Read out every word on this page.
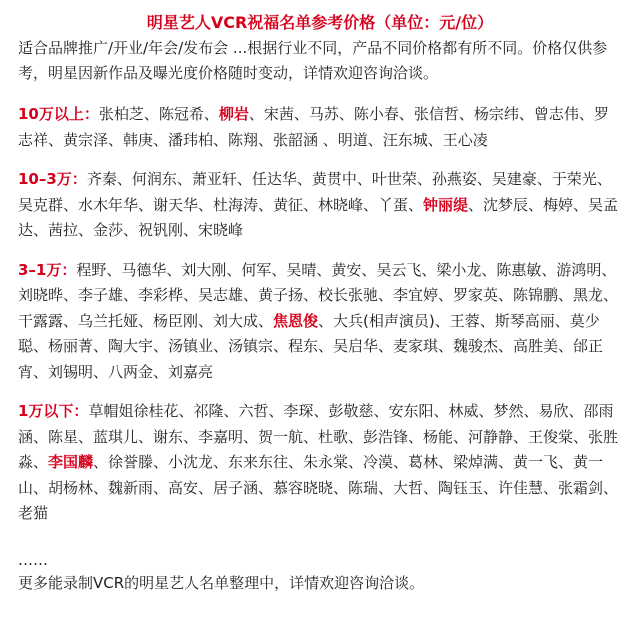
明星艺人VCR祝福名单参考价格（单位：元/位）

适合品牌推广/开业/年会/发布会 ...根据行业不同，产品不同价格都有所不同。价格仅供参考，明星因新作品及曝光度价格随时变动，详情欢迎咨询洽谈。

10万以上：张柏芝、陈冠希、柳岩、宋茜、马苏、陈小春、张信哲、杨宗纬、曾志伟、罗志祥、黄宗泽、韩庚、潘玮柏、陈翔、张韶涵 、明道、汪东城、王心凌

10–3万：齐秦、何润东、萧亚轩、任达华、黄贯中、叶世荣、孙燕姿、吴建豪、于荣光、吴克群、水木年华、谢天华、杜海涛、黄征、林晓峰、丫蛋、钟丽缇、沈梦辰、梅婷、吴孟达、茜拉、金莎、祝钒刚、宋晓峰

3–1万：程野、马德华、刘大刚、何军、吴晴、黄安、吴云飞、梁小龙、陈惠敏、游鸿明、刘晓晔、李子雄、李彩桦、吴志雄、黄子扬、校长张驰、李宜婷、罗家英、陈锦鹏、黑龙、干露露、乌兰托娅、杨臣刚、刘大成、焦恩俊、大兵(相声演员)、王蓉、斯琴高丽、莫少聪、杨丽菁、陶大宇、汤镇业、汤镇宗、程东、吴启华、麦家琪、魏骏杰、高胜美、邰正宵、刘锡明、八两金、刘嘉亮

1万以下：草帽姐徐桂花、祁隆、六哲、李琛、彭敬慈、安东阳、林威、梦然、易欣、邵雨涵、陈星、蓝琪儿、谢东、李嘉明、贺一航、杜歌、彭浩锋、杨能、河静静、王俊棠、张胜淼、李国麟、徐誉滕、小沈龙、东来东往、朱永棠、冷漠、葛林、梁焯满、黄一飞、黄一山、胡杨林、魏新雨、高安、居子涵、慕容晓晓、陈瑞、大哲、陶钰玉、许佳慧、张霜剑、老猫

……

更多能录制VCR的明星艺人名单整理中，详情欢迎咨询洽谈。
